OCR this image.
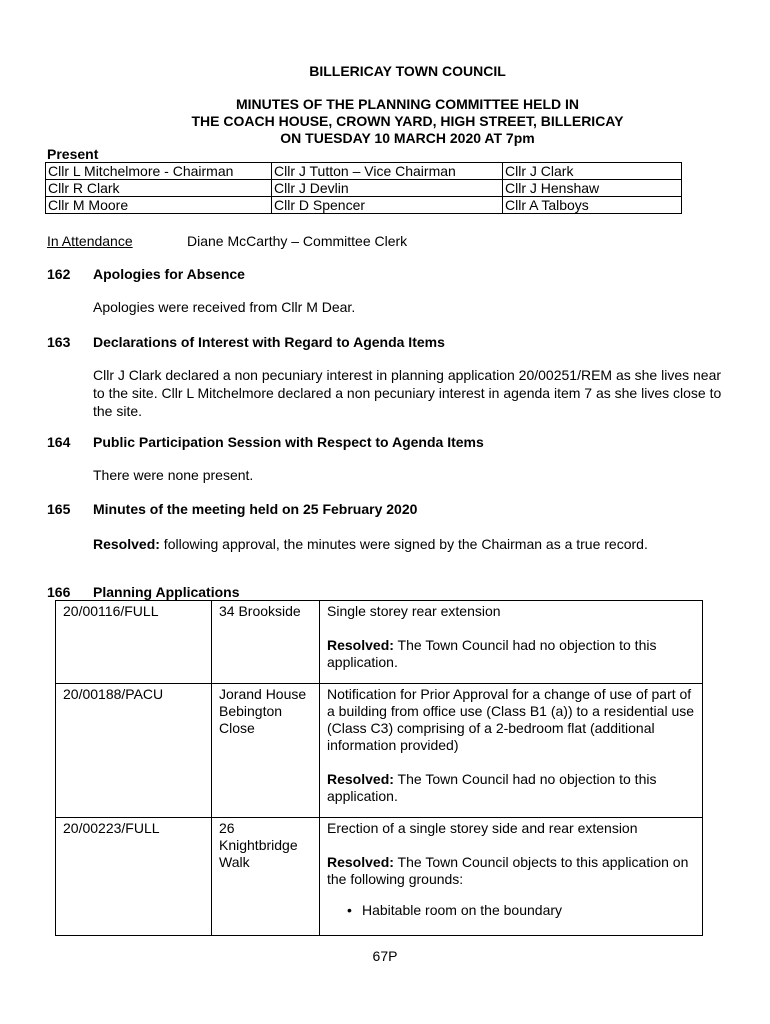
BILLERICAY TOWN COUNCIL
MINUTES OF THE PLANNING COMMITTEE HELD IN
THE COACH HOUSE, CROWN YARD, HIGH STREET, BILLERICAY
ON TUESDAY 10 MARCH 2020 AT 7pm
Present
Cllr L Mitchelmore - Chairman	Cllr J Tutton – Vice Chairman	Cllr J Clark
Cllr R Clark	Cllr J Devlin	Cllr J Henshaw
Cllr M Moore	Cllr D Spencer	Cllr A Talboys
In Attendance	Diane McCarthy – Committee Clerk
162 Apologies for Absence
Apologies were received from Cllr M Dear.
163 Declarations of Interest with Regard to Agenda Items
Cllr J Clark declared a non pecuniary interest in planning application 20/00251/REM as she lives near to the site. Cllr L Mitchelmore declared a non pecuniary interest in agenda item 7 as she lives close to the site.
164 Public Participation Session with Respect to Agenda Items
There were none present.
165 Minutes of the meeting held on 25 February 2020
Resolved: following approval, the minutes were signed by the Chairman as a true record.
166 Planning Applications
20/00116/FULL	34 Brookside	Single storey rear extension
Resolved: The Town Council had no objection to this application.

20/00188/PACU	Jorand House Bebington Close	Notification for Prior Approval for a change of use of part of a building from office use (Class B1 (a)) to a residential use (Class C3) comprising of a 2-bedroom flat (additional information provided)
Resolved: The Town Council had no objection to this application.

20/00223/FULL	26 Knightbridge Walk	Erection of a single storey side and rear extension
Resolved: The Town Council objects to this application on the following grounds:
• Habitable room on the boundary
67P
